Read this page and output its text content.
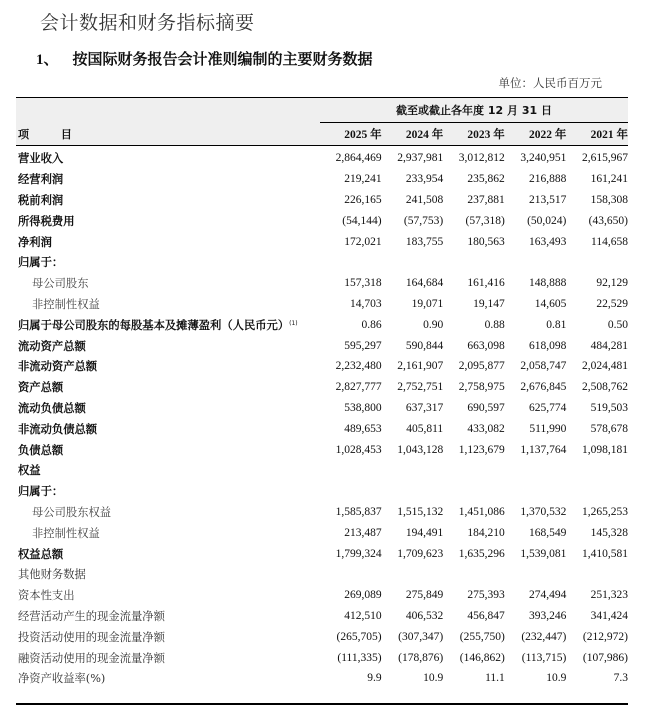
会计数据和财务指标摘要
1、 按国际财务报告会计准则编制的主要财务数据
单位：人民币百万元
截至或截止各年度 12 月 31 日
项 目	2025 年	2024 年	2023 年	2022 年	2021 年
营业收入	2,864,469	2,937,981	3,012,812	3,240,951	2,615,967
经营利润	219,241	233,954	235,862	216,888	161,241
税前利润	226,165	241,508	237,881	213,517	158,308
所得税费用	(54,144)	(57,753)	(57,318)	(50,024)	(43,650)
净利润	172,021	183,755	180,563	163,493	114,658
归属于：
母公司股东	157,318	164,684	161,416	148,888	92,129
非控制性权益	14,703	19,071	19,147	14,605	22,529
归属于母公司股东的每股基本及摊薄盈利（人民币元）$^{(1)}$	0.86	0.90	0.88	0.81	0.50
流动资产总额	595,297	590,844	663,098	618,098	484,281
非流动资产总额	2,232,480	2,161,907	2,095,877	2,058,747	2,024,481
资产总额	2,827,777	2,752,751	2,758,975	2,676,845	2,508,762
流动负债总额	538,800	637,317	690,597	625,774	519,503
非流动负债总额	489,653	405,811	433,082	511,990	578,678
负债总额	1,028,453	1,043,128	1,123,679	1,137,764	1,098,181
权益
归属于：
母公司股东权益	1,585,837	1,515,132	1,451,086	1,370,532	1,265,253
非控制性权益	213,487	194,491	184,210	168,549	145,328
权益总额	1,799,324	1,709,623	1,635,296	1,539,081	1,410,581
其他财务数据
资本性支出	269,089	275,849	275,393	274,494	251,323
经营活动产生的现金流量净额	412,510	406,532	456,847	393,246	341,424
投资活动使用的现金流量净额	(265,705)	(307,347)	(255,750)	(232,447)	(212,972)
融资活动使用的现金流量净额	(111,335)	(178,876)	(146,862)	(113,715)	(107,986)
净资产收益率(%)	9.9	10.9	11.1	10.9	7.3
